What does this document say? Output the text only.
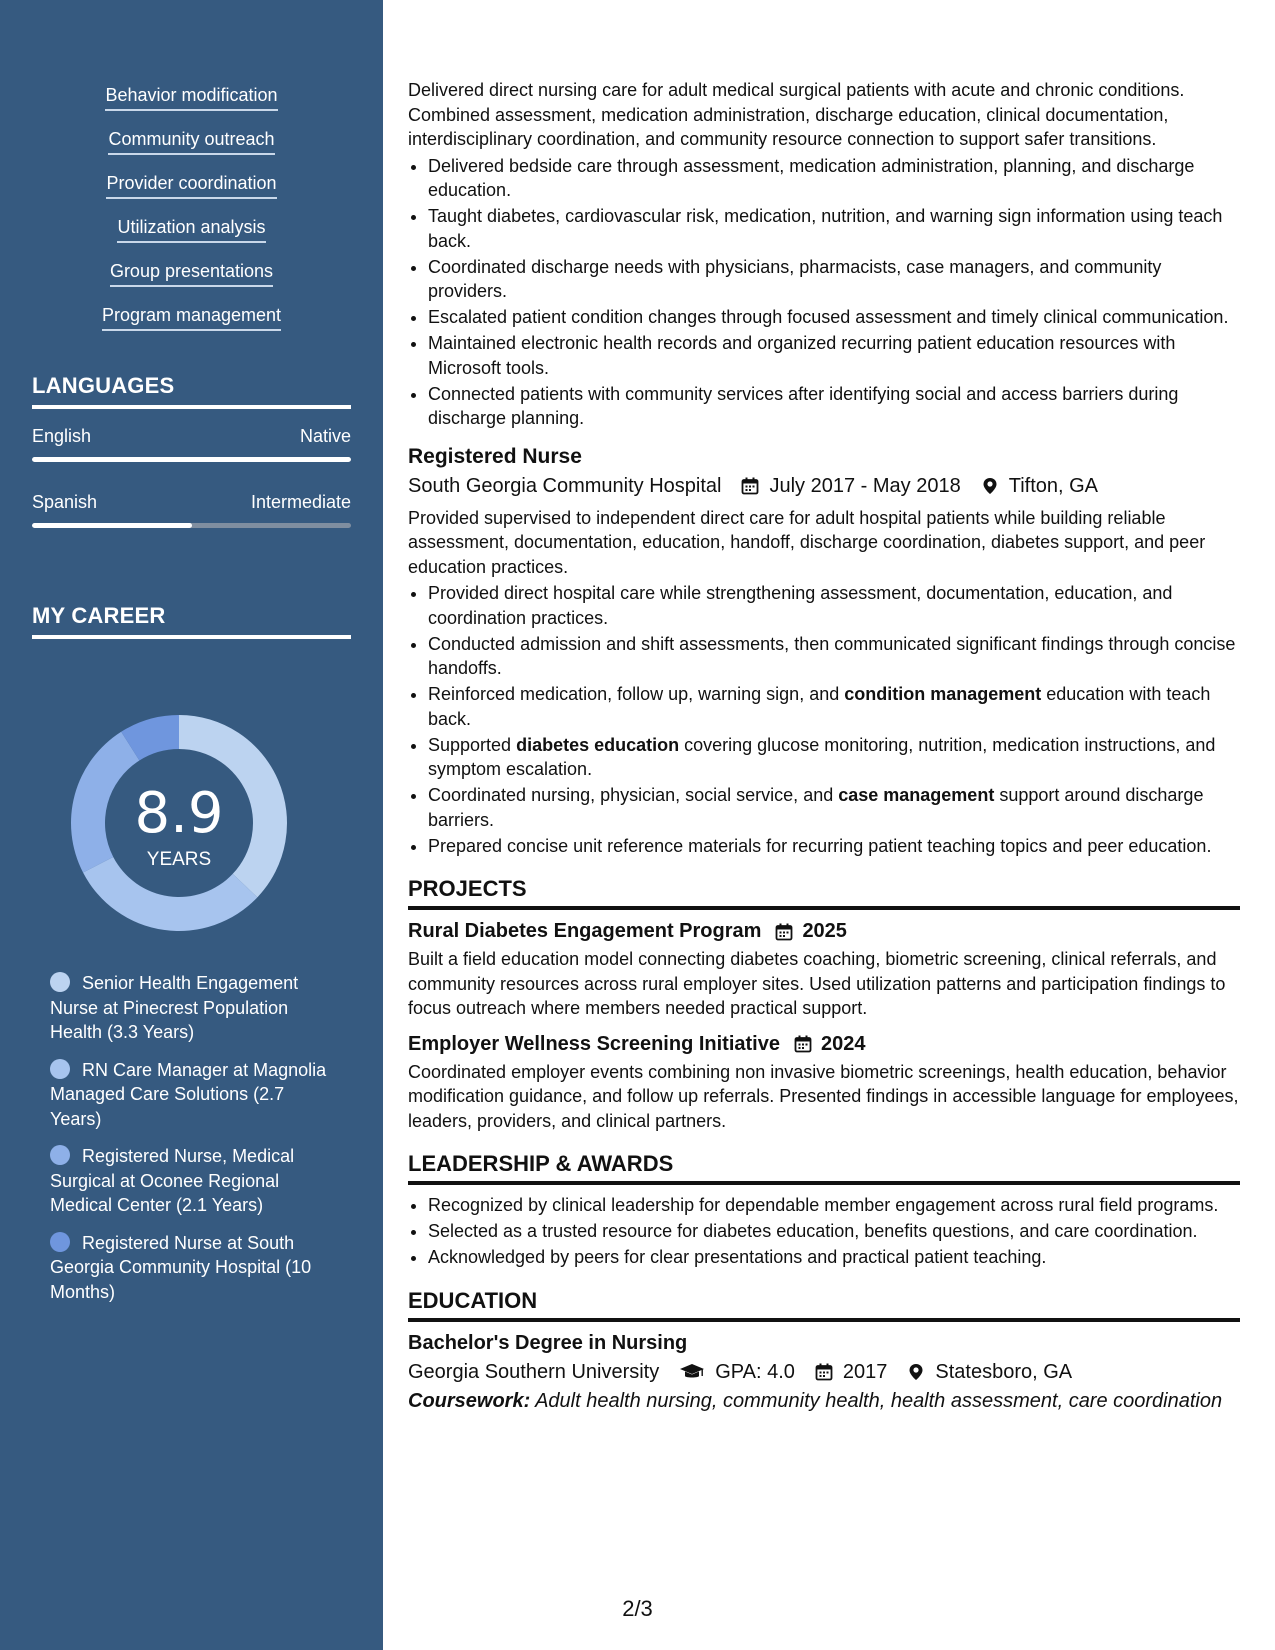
Behavior modification
Community outreach
Provider coordination
Utilization analysis
Group presentations
Program management
LANGUAGES
English	Native
Spanish	Intermediate
MY CAREER
8.9
YEARS
Senior Health Engagement Nurse at Pinecrest Population Health (3.3 Years)
RN Care Manager at Magnolia Managed Care Solutions (2.7 Years)
Registered Nurse, Medical Surgical at Oconee Regional Medical Center (2.1 Years)
Registered Nurse at South Georgia Community Hospital (10 Months)

Delivered direct nursing care for adult medical surgical patients with acute and chronic conditions. Combined assessment, medication administration, discharge education, clinical documentation, interdisciplinary coordination, and community resource connection to support safer transitions.

• Delivered bedside care through assessment, medication administration, planning, and discharge education.
• Taught diabetes, cardiovascular risk, medication, nutrition, and warning sign information using teach back.
• Coordinated discharge needs with physicians, pharmacists, case managers, and community providers.
• Escalated patient condition changes through focused assessment and timely clinical communication.
• Maintained electronic health records and organized recurring patient education resources with Microsoft tools.
• Connected patients with community services after identifying social and access barriers during discharge planning.
Registered Nurse
South Georgia Community Hospital July 2017 - May 2018 Tifton, GA

Provided supervised to independent direct care for adult hospital patients while building reliable assessment, documentation, education, handoff, discharge coordination, diabetes support, and peer education practices.

• Provided direct hospital care while strengthening assessment, documentation, education, and coordination practices.
• Conducted admission and shift assessments, then communicated significant findings through concise handoffs.
• Reinforced medication, follow up, warning sign, and condition management education with teach back.
• Supported diabetes education covering glucose monitoring, nutrition, medication instructions, and symptom escalation.
• Coordinated nursing, physician, social service, and case management support around discharge barriers.
• Prepared concise unit reference materials for recurring patient teaching topics and peer education.
PROJECTS
Rural Diabetes Engagement Program 2025

Built a field education model connecting diabetes coaching, biometric screening, clinical referrals, and community resources across rural employer sites. Used utilization patterns and participation findings to focus outreach where members needed practical support.

Employer Wellness Screening Initiative 2024

Coordinated employer events combining non invasive biometric screenings, health education, behavior modification guidance, and follow up referrals. Presented findings in accessible language for employees, leaders, providers, and clinical partners.

LEADERSHIP & AWARDS
• Recognized by clinical leadership for dependable member engagement across rural field programs.
• Selected as a trusted resource for diabetes education, benefits questions, and care coordination.
• Acknowledged by peers for clear presentations and practical patient teaching.
EDUCATION
Bachelor's Degree in Nursing
Georgia Southern University	GPA: 4.0 2017 Statesboro, GA
Coursework: Adult health nursing, community health, health assessment, care coordination
2/3
